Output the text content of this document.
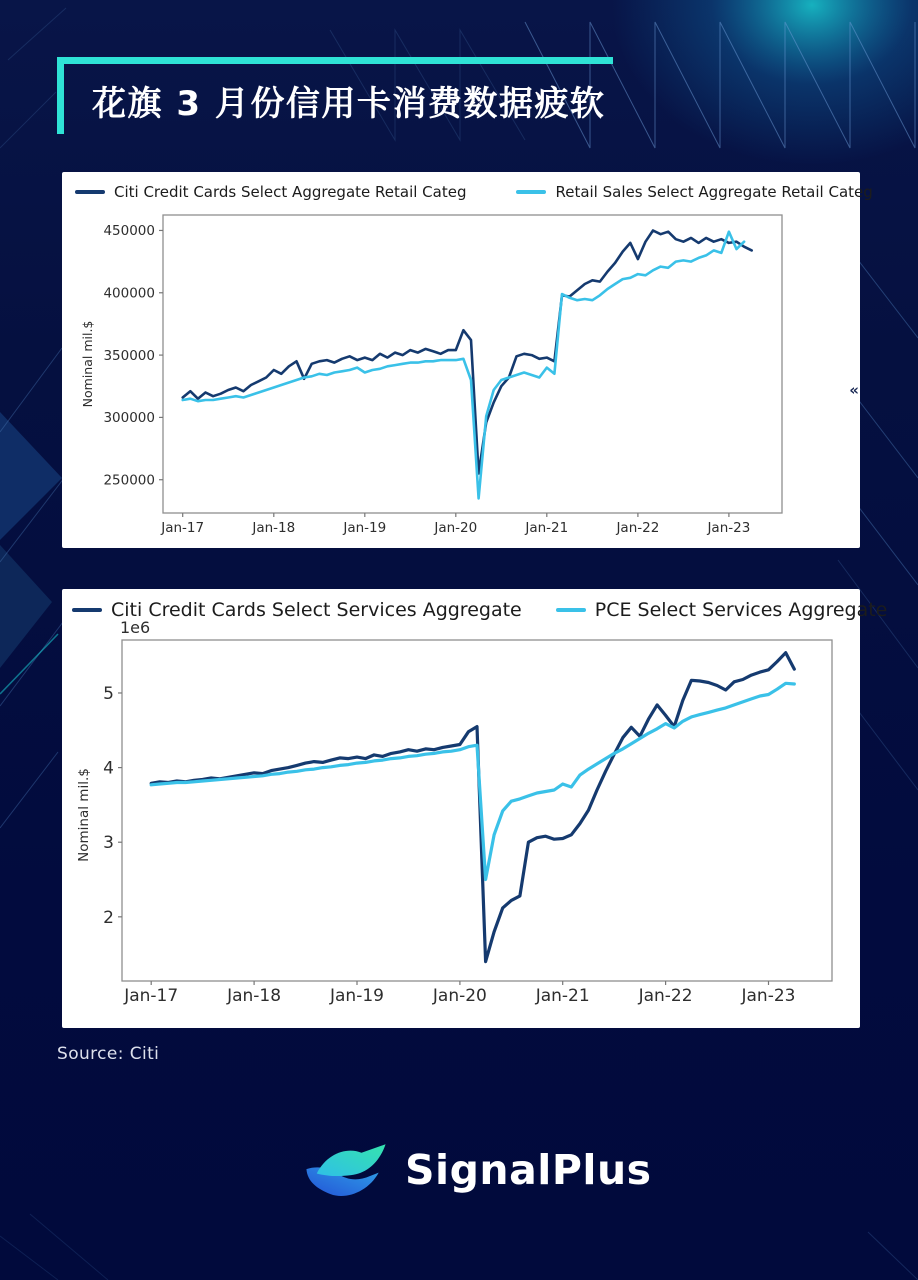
花旗 3 月份信用卡消费数据疲软
Citi Credit Cards Select Aggregate Retail Categ	Retail Sales Select Aggregate Retail Categ
250000
300000
350000
400000
450000
Nominal mil.$
Jan-17	Jan-18	Jan-19	Jan-20	Jan-21	Jan-22	Jan-23
«
Citi Credit Cards Select Services Aggregate	PCE Select Services Aggregate
1e6
2
3
4
5
Nominal mil.$
Jan-17	Jan-18	Jan-19	Jan-20	Jan-21	Jan-22	Jan-23
Source: Citi
SignalPlus
